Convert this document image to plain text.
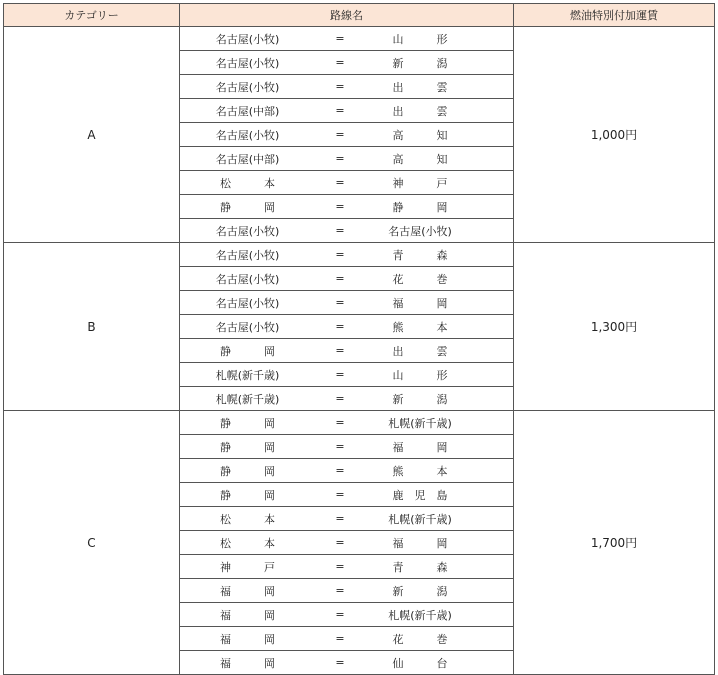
カテゴリー	路線名	燃油特別付加運賃
A	名古屋(小牧) = 山　　　形	1,000円

	名古屋(小牧) = 新　　　潟	

	名古屋(小牧) = 出　　　雲	

	名古屋(中部) = 出　　　雲	

	名古屋(小牧) = 高　　　知	

	名古屋(中部) = 高　　　知	

	松　　　本 = 神　　　戸	

	静　　　岡 = 静　　　岡	

	名古屋(小牧) = 名古屋(小牧)	

B	名古屋(小牧) = 青　　　森	1,300円

	名古屋(小牧) = 花　　　巻	

	名古屋(小牧) = 福　　　岡	

	名古屋(小牧) = 熊　　　本	

	静　　　岡 = 出　　　雲	

	札幌(新千歳) = 山　　　形	

	札幌(新千歳) = 新　　　潟	

C	静　　　岡 = 札幌(新千歳)	1,700円

	静　　　岡 = 福　　　岡	

	静　　　岡 = 熊　　　本	

	静　　　岡 = 鹿　児　島	

	松　　　本 = 札幌(新千歳)	

	松　　　本 = 福　　　岡	

	神　　　戸 = 青　　　森	

	福　　　岡 = 新　　　潟	

	福　　　岡 = 札幌(新千歳)	

	福　　　岡 = 花　　　巻	

	福　　　岡 = 仙　　　台	
